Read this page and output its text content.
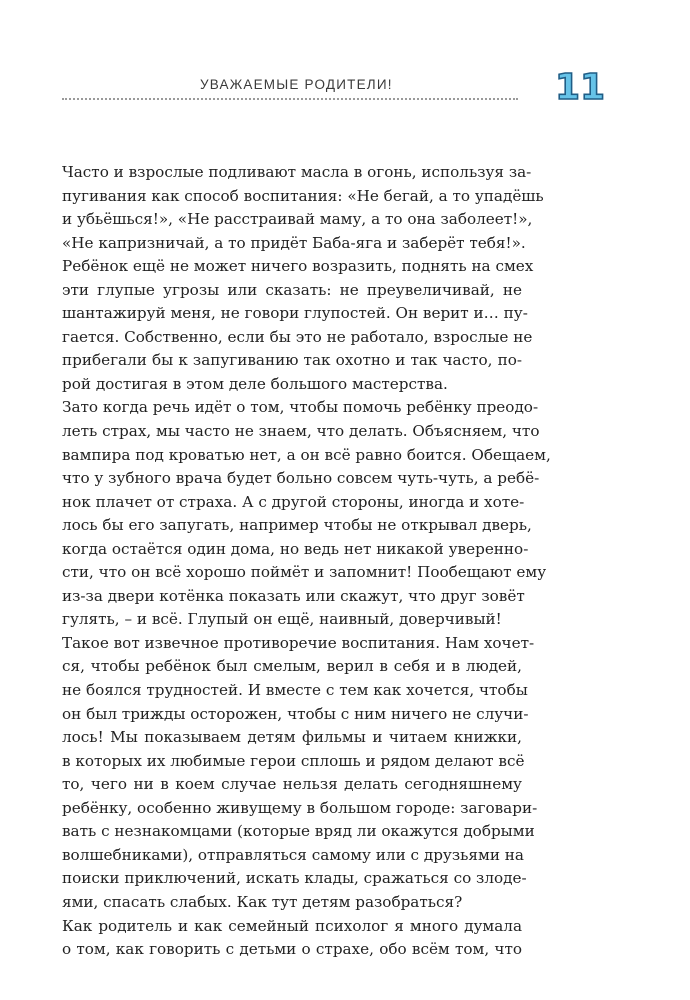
УВАЖАЕМЫЕ РОДИТЕЛИ!	11
Часто и взрослые подливают масла в огонь, используя за-
пугивания как способ воспитания: «Не бегай, а то упадёшь
и убьёшься!», «Не расстраивай маму, а то она заболеет!»,
«Не капризничай, а то придёт Баба-яга и заберёт тебя!».
Ребёнок ещё не может ничего возразить, поднять на смех
эти глупые угрозы или сказать: не преувеличивай, не
шантажируй меня, не говори глупостей. Он верит и… пу-
гается. Собственно, если бы это не работало, взрослые не
прибегали бы к запугиванию так охотно и так часто, по-
рой достигая в этом деле большого мастерства.
Зато когда речь идёт о том, чтобы помочь ребёнку преодо-
леть страх, мы часто не знаем, что делать. Объясняем, что
вампира под кроватью нет, а он всё равно боится. Обещаем,
что у зубного врача будет больно совсем чуть-чуть, а ребё-
нок плачет от страха. А с другой стороны, иногда и хоте-
лось бы его запугать, например чтобы не открывал дверь,
когда остаётся один дома, но ведь нет никакой уверенно-
сти, что он всё хорошо поймёт и запомнит! Пообещают ему
из-за двери котёнка показать или скажут, что друг зовёт
гулять, – и всё. Глупый он ещё, наивный, доверчивый!
Такое вот извечное противоречие воспитания. Нам хочет-
ся, чтобы ребёнок был смелым, верил в себя и в людей,
не боялся трудностей. И вместе с тем как хочется, чтобы
он был трижды осторожен, чтобы с ним ничего не случи-
лось! Мы показываем детям фильмы и читаем книжки,
в которых их любимые герои сплошь и рядом делают всё
то, чего ни в коем случае нельзя делать сегодняшнему
ребёнку, особенно живущему в большом городе: заговари-
вать с незнакомцами (которые вряд ли окажутся добрыми
волшебниками), отправляться самому или с друзьями на
поиски приключений, искать клады, сражаться со злоде-
ями, спасать слабых. Как тут детям разобраться?
Как родитель и как семейный психолог я много думала
о том, как говорить с детьми о страхе, обо всём том, что
